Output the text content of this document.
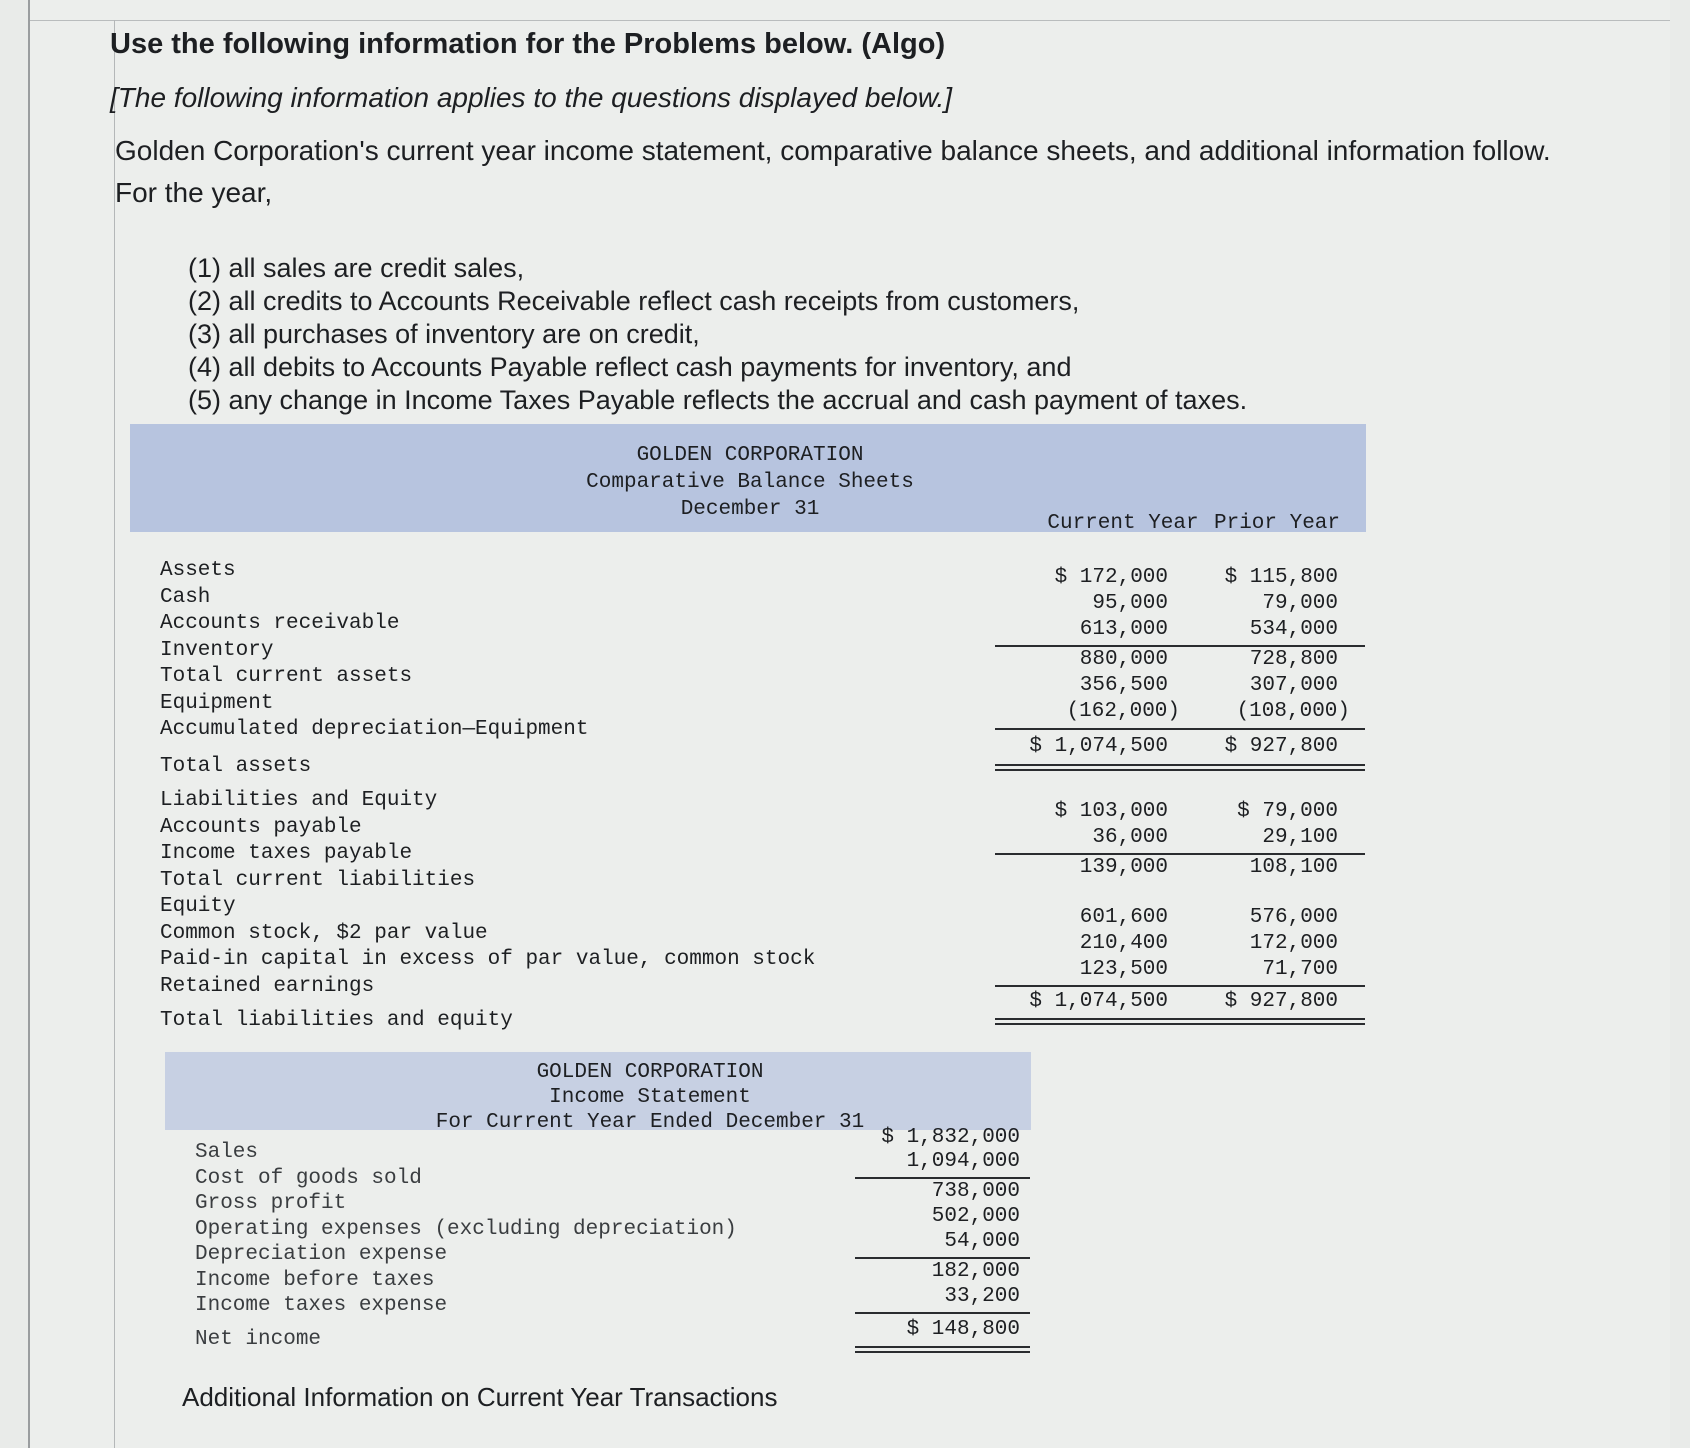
Use the following information for the Problems below. (Algo)
[The following information applies to the questions displayed below.]
Golden Corporation's current year income statement, comparative balance sheets, and additional information follow. For the year,
(1) all sales are credit sales,
(2) all credits to Accounts Receivable reflect cash receipts from customers,
(3) all purchases of inventory are on credit,
(4) all debits to Accounts Payable reflect cash payments for inventory, and
(5) any change in Income Taxes Payable reflects the accrual and cash payment of taxes.
GOLDEN CORPORATION
Comparative Balance Sheets
December 31
Current Year Prior Year
Assets
Cash
Accounts receivable
Inventory
Total current assets
Equipment
Accumulated depreciation—Equipment
Total assets
Liabilities and Equity
Accounts payable
Income taxes payable
Total current liabilities
Equity
Common stock, $2 par value
Paid-in capital in excess of par value, common stock
Retained earnings
Total liabilities and equity
$ 172,000
95,000
613,000
880,000
356,500
(162,000)
$ 1,074,500
$ 103,000
36,000
139,000
601,600
210,400
123,500
$ 1,074,500
$ 115,800
79,000
534,000
728,800
307,000
(108,000)
$ 927,800
$ 79,000
29,100
108,100
576,000
172,000
71,700
$ 927,800
GOLDEN CORPORATION
Income Statement
For Current Year Ended December 31
Sales
Cost of goods sold
Gross profit
Operating expenses (excluding depreciation)
Depreciation expense
Income before taxes
Income taxes expense
Net income
$ 1,832,000
1,094,000
738,000
502,000
54,000
182,000
33,200
$ 148,800
Additional Information on Current Year Transactions
